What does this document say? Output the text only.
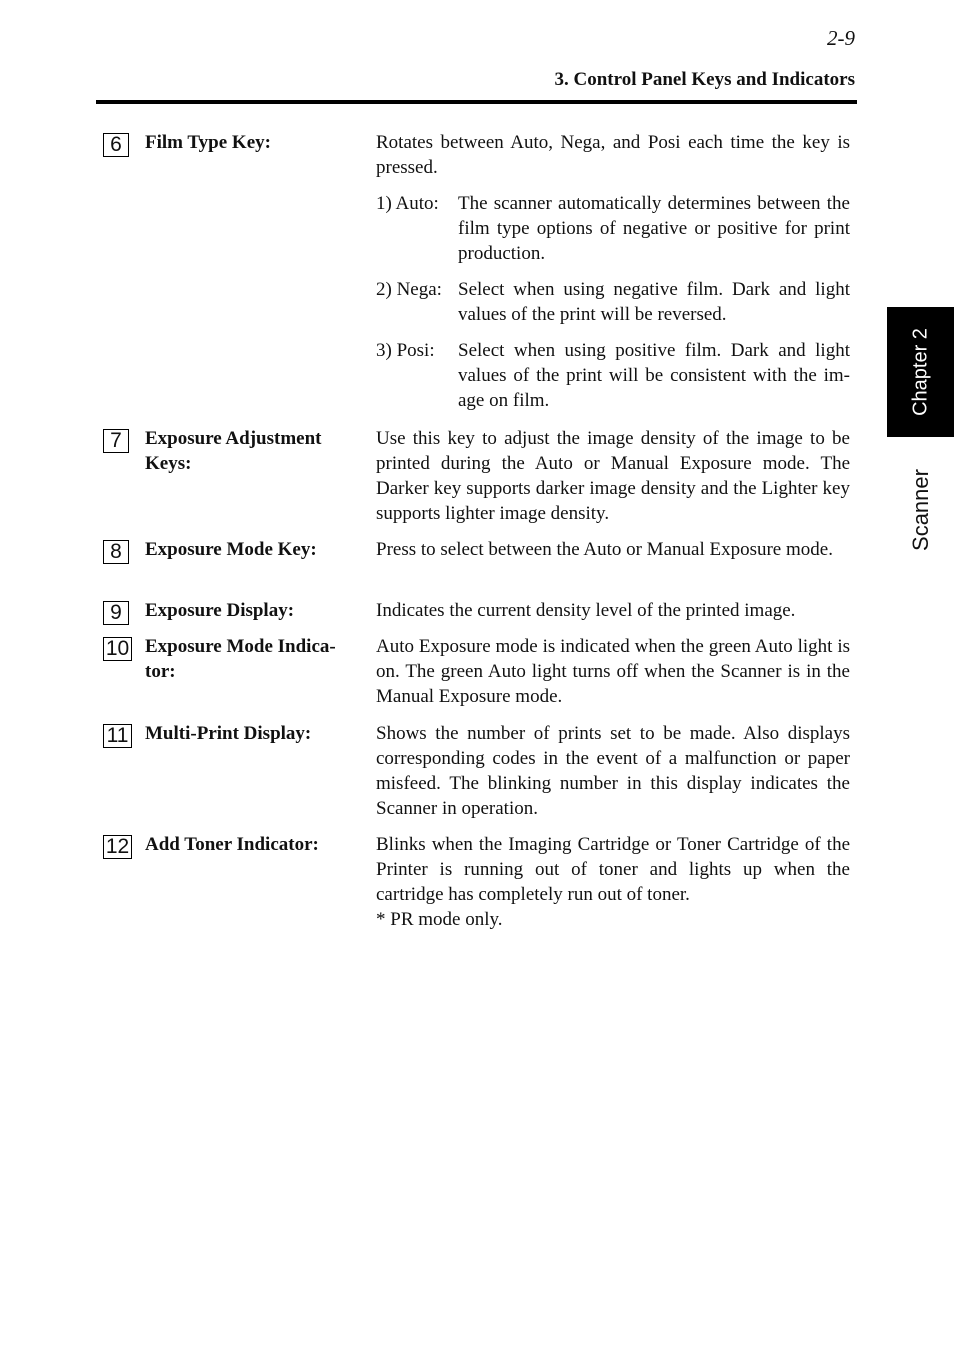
2-9
3. Control Panel Keys and Indicators
Chapter 2
Scanner
6	Film Type Key:	Rotates between Auto, Nega, and Posi each time the key is pressed.

1) Auto: The scanner automatically determines between the film type options of negative or positive for print production.
2) Nega: Select when using negative film. Dark and light values of the print will be reversed.
3) Posi: Select when using positive film. Dark and light values of the print will be consistent with the im-age on film.
7	Exposure Adjustment Keys:
Use this key to adjust the image density of the image to be printed during the Auto or Manual Exposure mode. The Darker key supports darker image density and the Lighter key supports lighter image density.
8	Exposure Mode Key:	Press to select between the Auto or Manual Exposure mode.
9	Exposure Display:	Indicates the current density level of the printed image.
10 Exposure Mode Indica-tor:
Auto Exposure mode is indicated when the green Auto light is on. The green Auto light turns off when the Scanner is in the Manual Exposure mode.
11 Multi-Print Display:	Shows the number of prints set to be made. Also displays corresponding codes in the event of a malfunction or paper misfeed. The blinking number in this display indicates the Scanner in operation.
12 Add Toner Indicator:	Blinks when the Imaging Cartridge or Toner Cartridge of the Printer is running out of toner and lights up when the cartridge has completely run out of toner.

* PR mode only.
